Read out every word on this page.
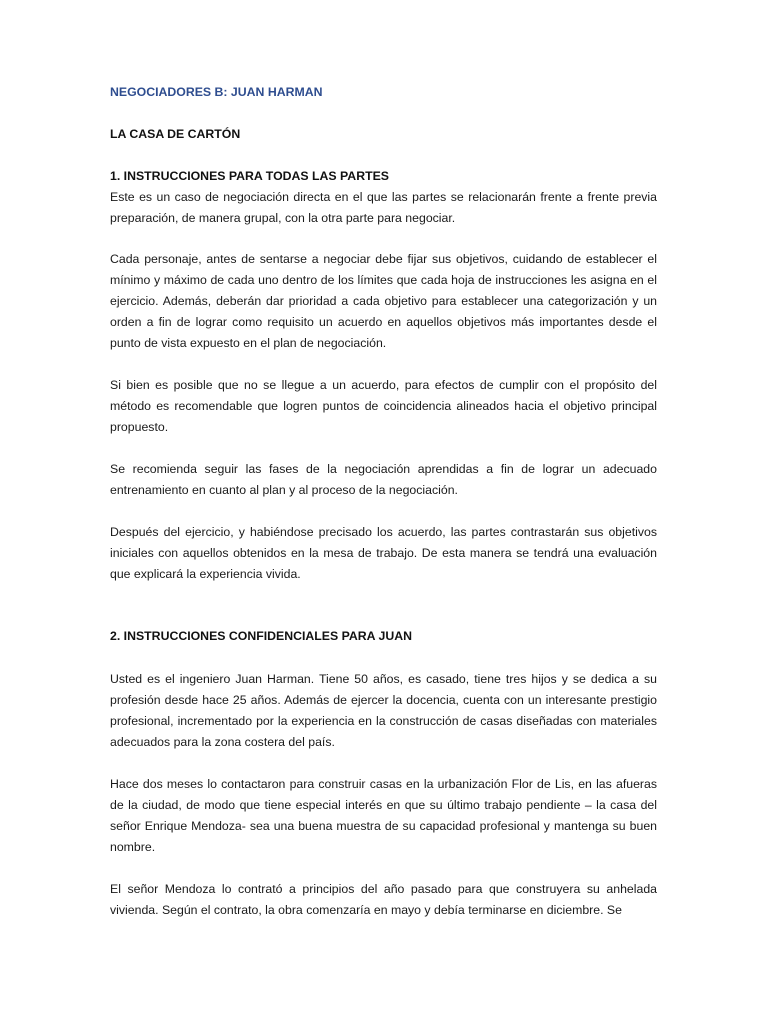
NEGOCIADORES B: JUAN HARMAN

LA CASA DE CARTÓN

1. INSTRUCCIONES PARA TODAS LAS PARTES

Este es un caso de negociación directa en el que las partes se relacionarán frente a frente previa preparación, de manera grupal, con la otra parte para negociar.

Cada personaje, antes de sentarse a negociar debe fijar sus objetivos, cuidando de establecer el mínimo y máximo de cada uno dentro de los límites que cada hoja de instrucciones les asigna en el ejercicio. Además, deberán dar prioridad a cada objetivo para establecer una categorización y un orden a fin de lograr como requisito un acuerdo en aquellos objetivos más importantes desde el punto de vista expuesto en el plan de negociación.

Si bien es posible que no se llegue a un acuerdo, para efectos de cumplir con el propósito del método es recomendable que logren puntos de coincidencia alineados hacia el objetivo principal propuesto.

Se recomienda seguir las fases de la negociación aprendidas a fin de lograr un adecuado entrenamiento en cuanto al plan y al proceso de la negociación.

Después del ejercicio, y habiéndose precisado los acuerdo, las partes contrastarán sus objetivos iniciales con aquellos obtenidos en la mesa de trabajo. De esta manera se tendrá una evaluación que explicará la experiencia vivida.

2. INSTRUCCIONES CONFIDENCIALES PARA JUAN

Usted es el ingeniero Juan Harman. Tiene 50 años, es casado, tiene tres hijos y se dedica a su profesión desde hace 25 años. Además de ejercer la docencia, cuenta con un interesante prestigio profesional, incrementado por la experiencia en la construcción de casas diseñadas con materiales adecuados para la zona costera del país.

Hace dos meses lo contactaron para construir casas en la urbanización Flor de Lis, en las afueras de la ciudad, de modo que tiene especial interés en que su último trabajo pendiente – la casa del señor Enrique Mendoza- sea una buena muestra de su capacidad profesional y mantenga su buen nombre.

El señor Mendoza lo contrató a principios del año pasado para que construyera su anhelada vivienda. Según el contrato, la obra comenzaría en mayo y debía terminarse en diciembre. Se
